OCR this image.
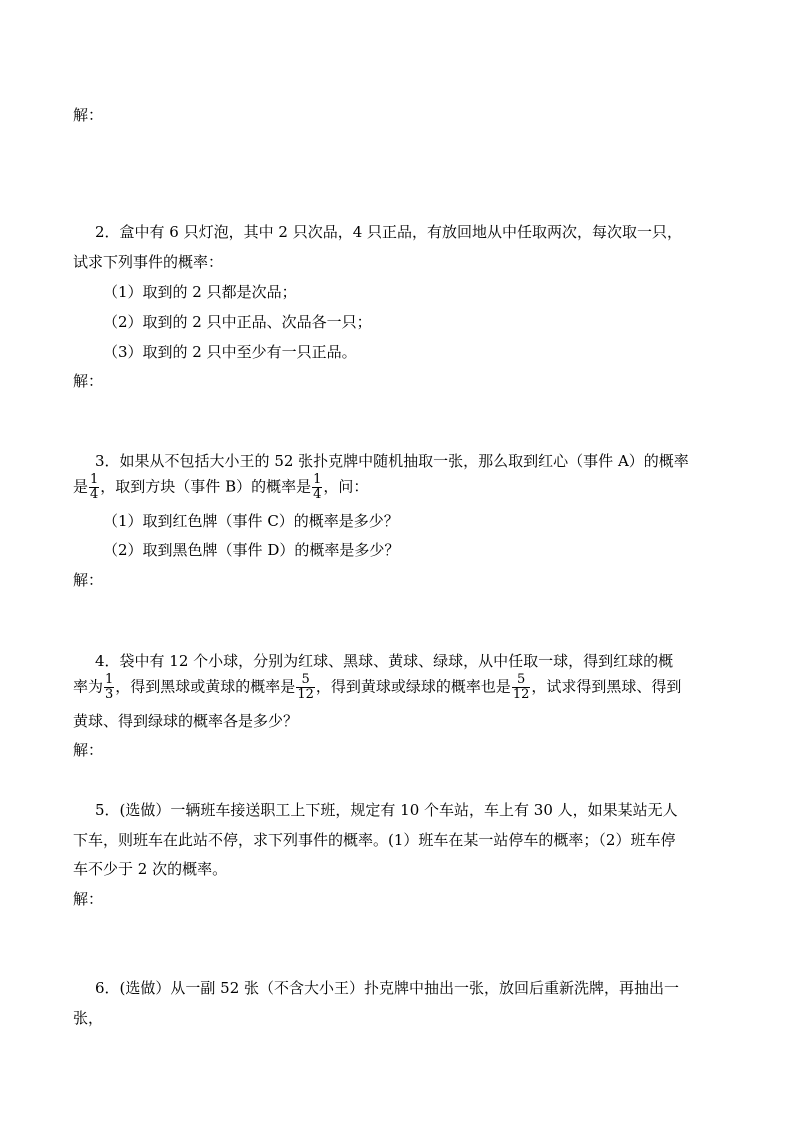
解：
2．盒中有 6 只灯泡，其中 2 只次品，4 只正品，有放回地从中任取两次，每次取一只，
试求下列事件的概率：
（1）取到的 2 只都是次品；
（2）取到的 2 只中正品、次品各一只；
（3）取到的 2 只中至少有一只正品。
解：
3．如果从不包括大小王的 52 张扑克牌中随机抽取一张，那么取到红心（事件 A）的概率
是 $\frac{1}{4}$ ，取到方块（事件 B）的概率是 $\frac{1}{4}$ ，问：
（1）取到红色牌（事件 C）的概率是多少？
（2）取到黑色牌（事件 D）的概率是多少？
解：
4．袋中有 12 个小球，分别为红球、黑球、黄球、绿球，从中任取一球，得到红球的概
率为 $\frac{1}{3}$ ，得到黑球或黄球的概率是 $\frac{5}{12}$ ，得到黄球或绿球的概率也是 $\frac{5}{12}$ ，试求得到黑球、得到
黄球、得到绿球的概率各是多少？
解：
5．(选做）一辆班车接送职工上下班，规定有 10 个车站，车上有 30 人，如果某站无人
下车，则班车在此站不停，求下列事件的概率。(1）班车在某一站停车的概率；（2）班车停
车不少于 2 次的概率。
解：
6．(选做）从一副 52 张（不含大小王）扑克牌中抽出一张，放回后重新洗牌，再抽出一
张，
